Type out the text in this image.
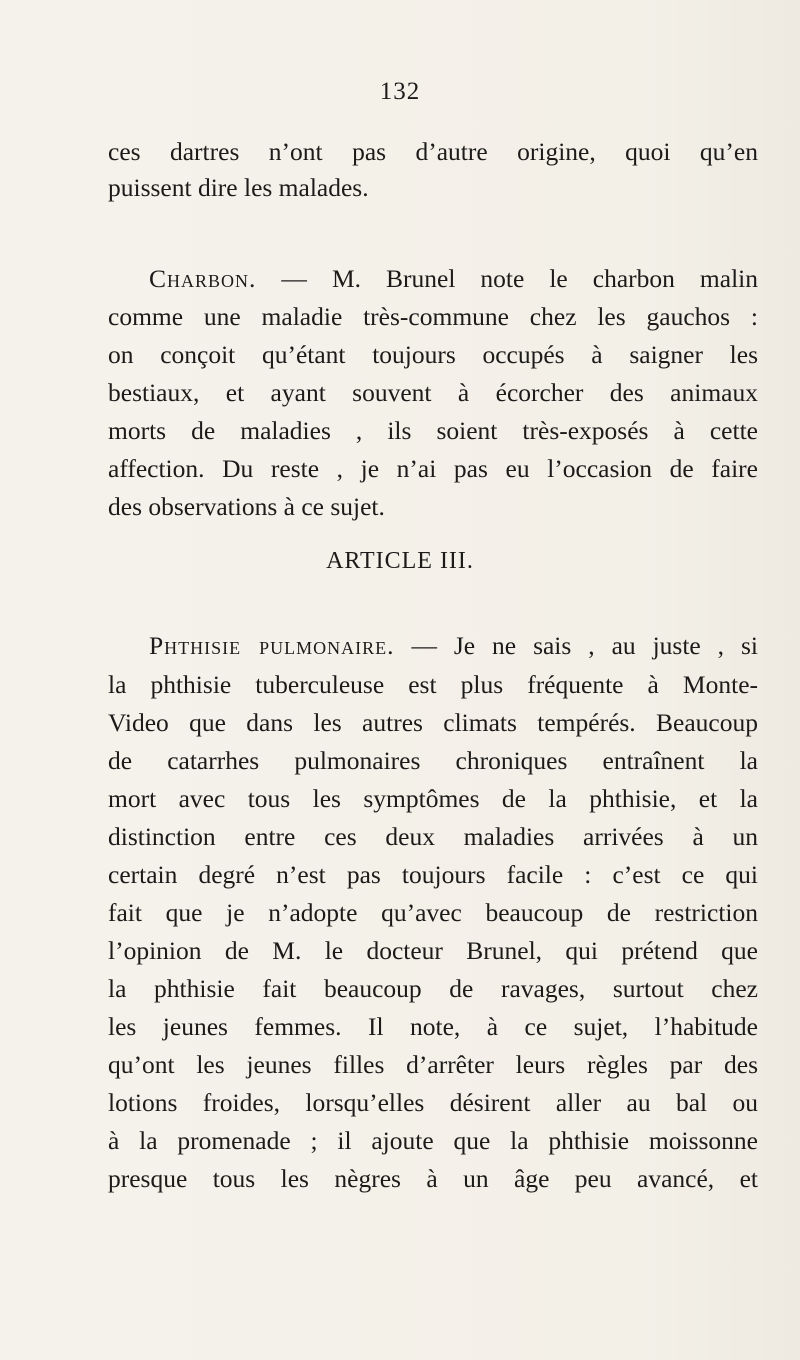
132
ces dartres n’ont pas d’autre origine, quoi qu’en
puissent dire les malades.
Charbon. — M. Brunel note le charbon malin
comme une maladie très-commune chez les gauchos :
on conçoit qu’étant toujours occupés à saigner les
bestiaux, et ayant souvent à écorcher des animaux
morts de maladies , ils soient très-exposés à cette
affection. Du reste , je n’ai pas eu l’occasion de faire
des observations à ce sujet.
ARTICLE III.
Phthisie pulmonaire. — Je ne sais , au juste , si
la phthisie tuberculeuse est plus fréquente à Monte-
Video que dans les autres climats tempérés. Beaucoup
de catarrhes pulmonaires chroniques entraînent la
mort avec tous les symptômes de la phthisie, et la
distinction entre ces deux maladies arrivées à un
certain degré n’est pas toujours facile : c’est ce qui
fait que je n’adopte qu’avec beaucoup de restriction
l’opinion de M. le docteur Brunel, qui prétend que
la phthisie fait beaucoup de ravages, surtout chez
les jeunes femmes. Il note, à ce sujet, l’habitude
qu’ont les jeunes filles d’arrêter leurs règles par des
lotions froides, lorsqu’elles désirent aller au bal ou
à la promenade ; il ajoute que la phthisie moissonne
presque tous les nègres à un âge peu avancé, et
